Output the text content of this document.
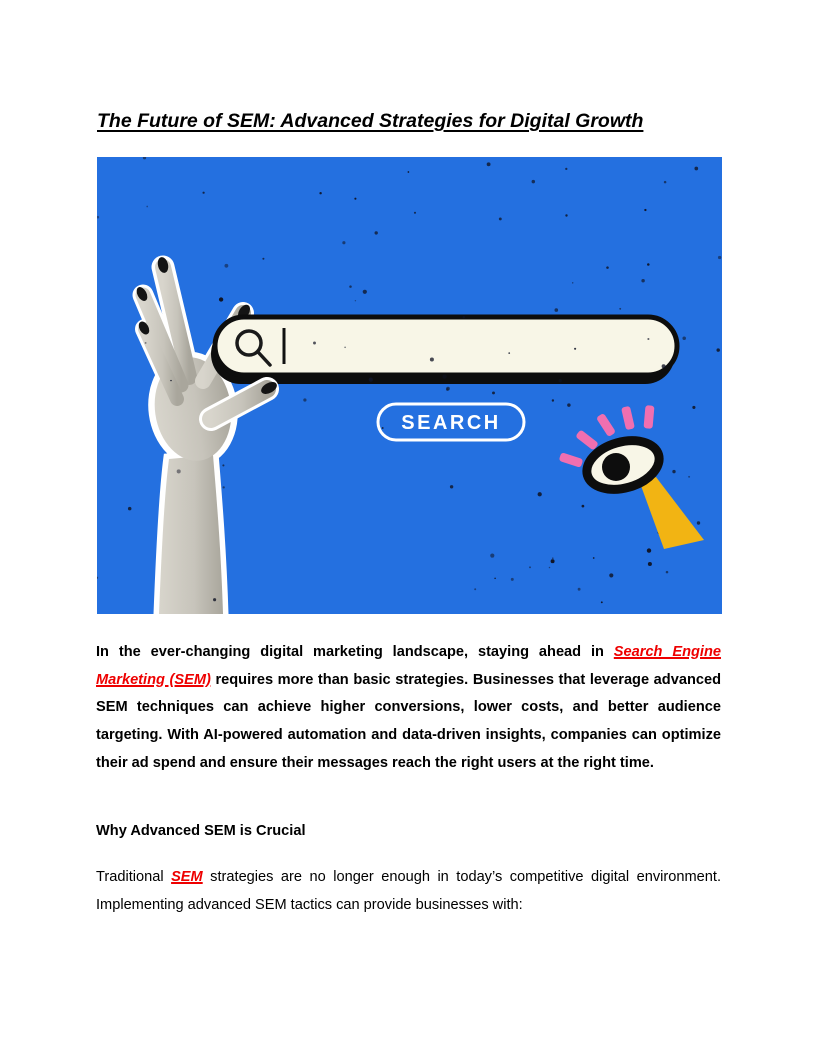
The Future of SEM: Advanced Strategies for Digital Growth
SEARCH

In the ever-changing digital marketing landscape, staying ahead in Search Engine Marketing (SEM) requires more than basic strategies. Businesses that leverage advanced SEM techniques can achieve higher conversions, lower costs, and better audience targeting. With AI-powered automation and data-driven insights, companies can optimize their ad spend and ensure their messages reach the right users at the right time.

Why Advanced SEM is Crucial

Traditional SEM strategies are no longer enough in today’s competitive digital environment. Implementing advanced SEM tactics can provide businesses with:
